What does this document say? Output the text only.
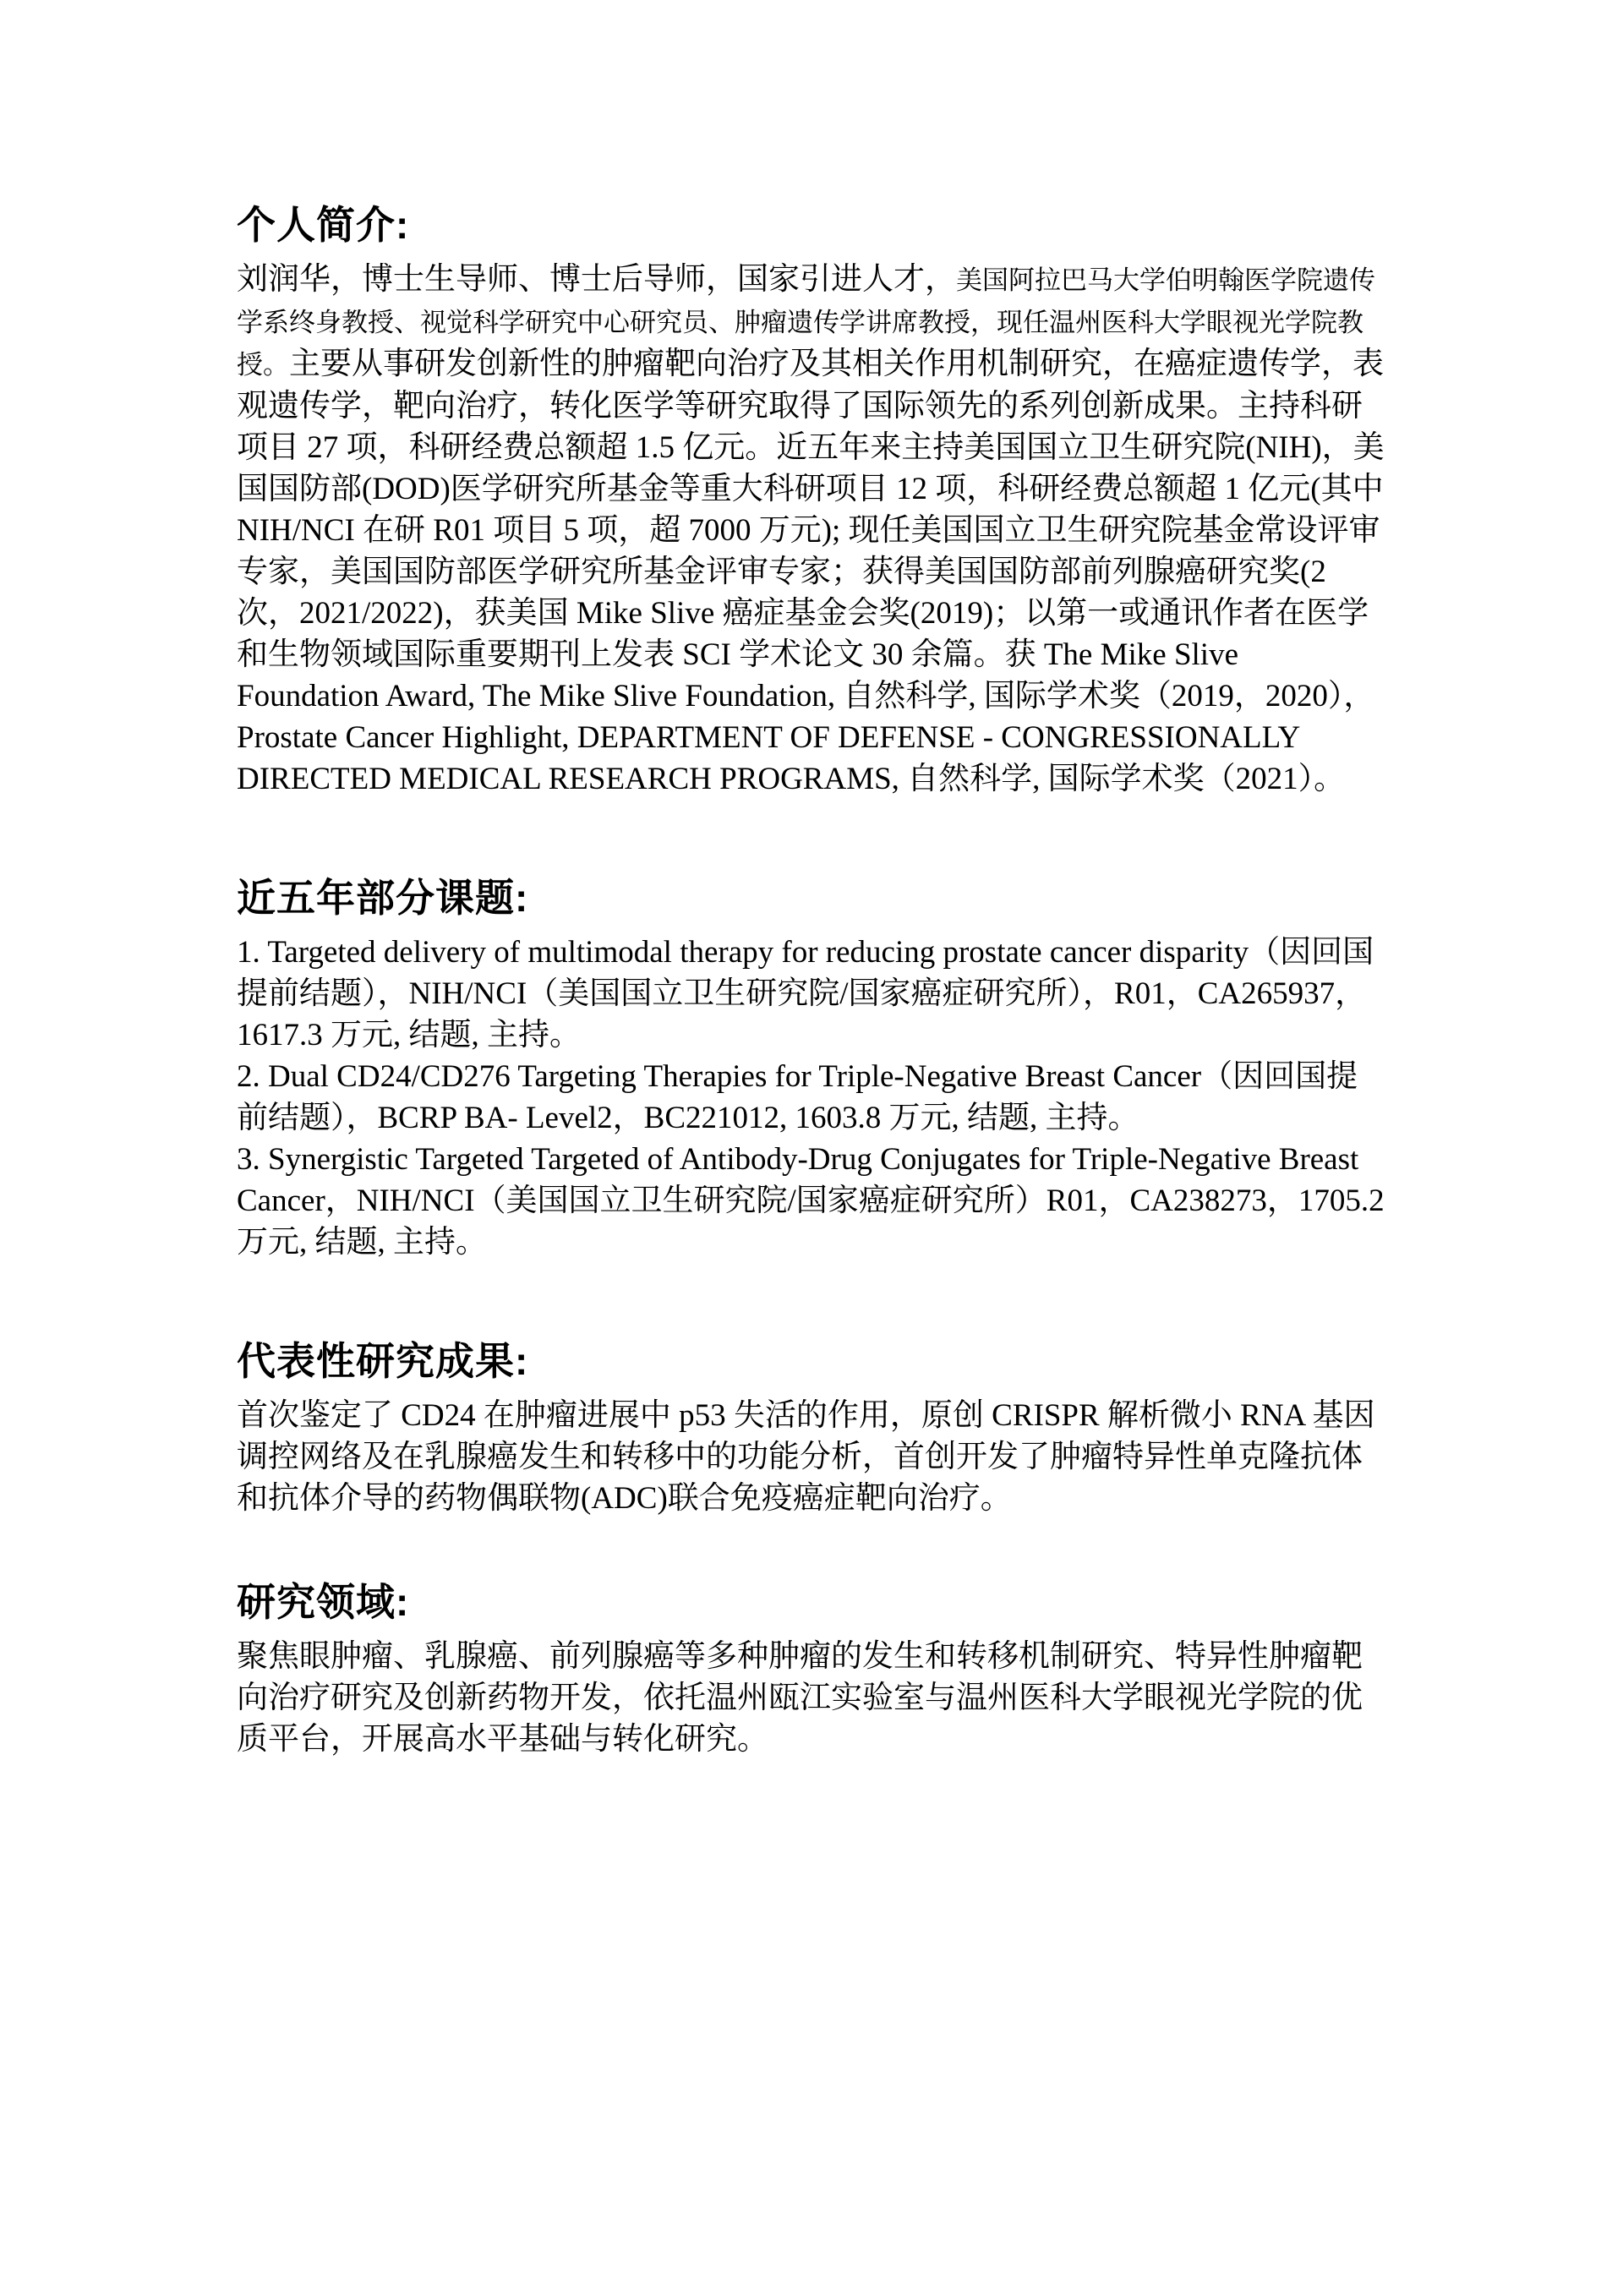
个人简介:

刘润华，博士生导师、博士后导师，国家引进人才，美国阿拉巴马大学伯明翰医学院遗传学系终身教授、视觉科学研究中心研究员、肿瘤遗传学讲席教授，现任温州医科大学眼视光学院教授。主要从事研发创新性的肿瘤靶向治疗及其相关作用机制研究，在癌症遗传学，表观遗传学，靶向治疗，转化医学等研究取得了国际领先的系列创新成果。主持科研项目 27 项，科研经费总额超 1.5 亿元。近五年来主持美国国立卫生研究院(NIH)，美国国防部(DOD)医学研究所基金等重大科研项目 12 项，科研经费总额超 1 亿元(其中 NIH/NCI 在研 R01 项目 5 项，超 7000 万元); 现任美国国立卫生研究院基金常设评审专家，美国国防部医学研究所基金评审专家；获得美国国防部前列腺癌研究奖(2 次，2021/2022)，获美国 Mike Slive 癌症基金会奖(2019)；以第一或通讯作者在医学和生物领域国际重要期刊上发表 SCI 学术论文 30 余篇。获 The Mike Slive Foundation Award, The Mike Slive Foundation, 自然科学, 国际学术奖（2019，2020），Prostate Cancer Highlight, DEPARTMENT OF DEFENSE - CONGRESSIONALLY DIRECTED MEDICAL RESEARCH PROGRAMS, 自然科学, 国际学术奖（2021）。

近五年部分课题:

1. Targeted delivery of multimodal therapy for reducing prostate cancer disparity（因回国提前结题），NIH/NCI（美国国立卫生研究院/国家癌症研究所），R01，CA265937，1617.3 万元, 结题, 主持。

2. Dual CD24/CD276 Targeting Therapies for Triple-Negative Breast Cancer（因回国提前结题），BCRP BA- Level2，BC221012, 1603.8 万元, 结题, 主持。

3. Synergistic Targeted Targeted of Antibody-Drug Conjugates for Triple-Negative Breast Cancer，NIH/NCI（美国国立卫生研究院/国家癌症研究所）R01，CA238273，1705.2 万元, 结题, 主持。

代表性研究成果:

首次鉴定了 CD24 在肿瘤进展中 p53 失活的作用，原创 CRISPR 解析微小 RNA 基因调控网络及在乳腺癌发生和转移中的功能分析，首创开发了肿瘤特异性单克隆抗体和抗体介导的药物偶联物(ADC)联合免疫癌症靶向治疗。

研究领域:

聚焦眼肿瘤、乳腺癌、前列腺癌等多种肿瘤的发生和转移机制研究、特异性肿瘤靶向治疗研究及创新药物开发，依托温州瓯江实验室与温州医科大学眼视光学院的优质平台，开展高水平基础与转化研究。
